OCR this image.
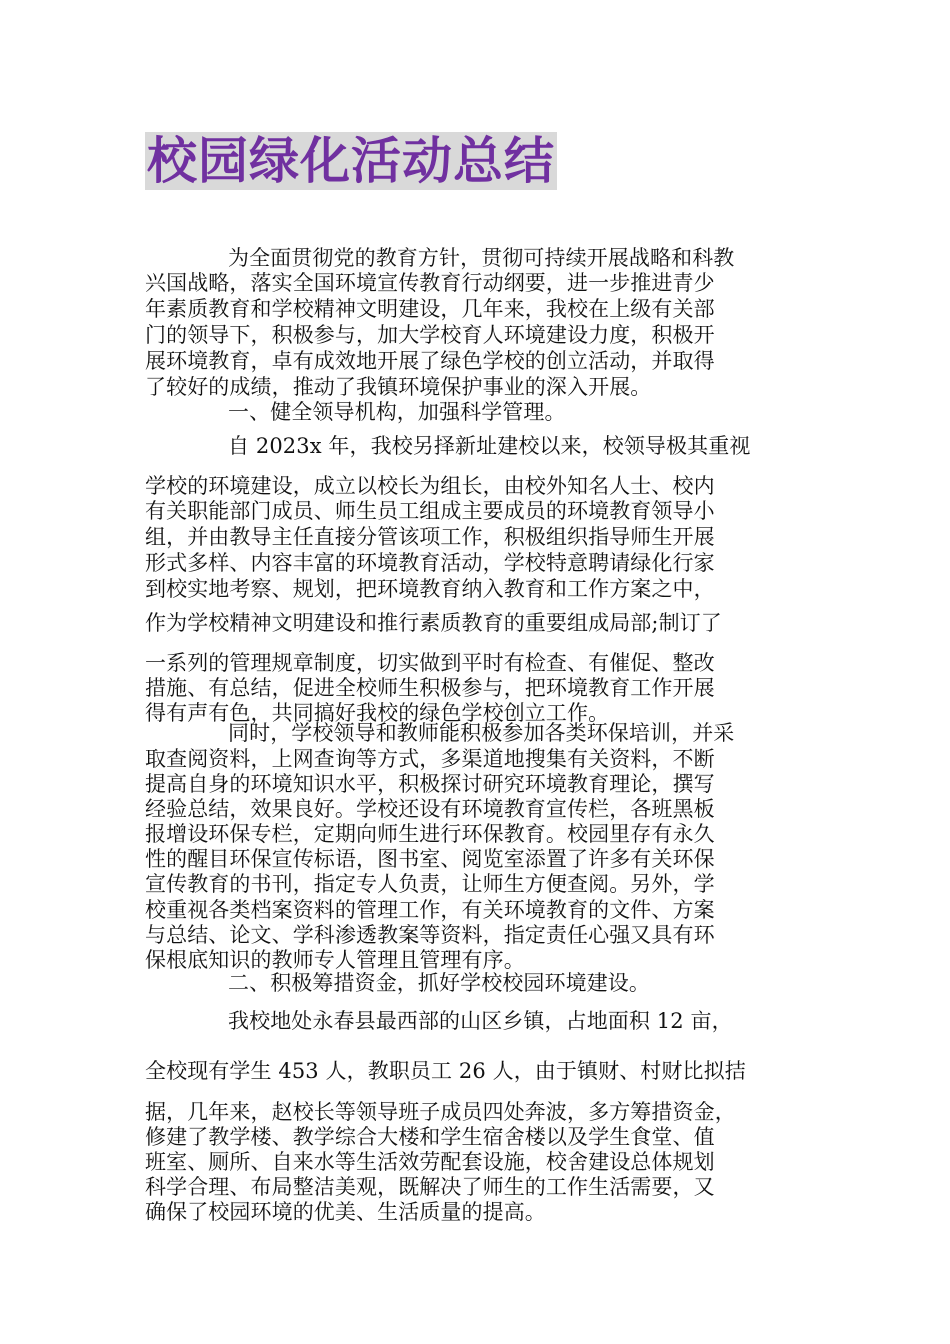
校园绿化活动总结
为全面贯彻党的教育方针，贯彻可持续开展战略和科教
兴国战略，落实全国环境宣传教育行动纲要，进一步推进青少
年素质教育和学校精神文明建设，几年来，我校在上级有关部
门的领导下，积极参与，加大学校育人环境建设力度，积极开
展环境教育，卓有成效地开展了绿色学校的创立活动，并取得
了较好的成绩，推动了我镇环境保护事业的深入开展。
一、健全领导机构，加强科学管理。
自 2023x 年，我校另择新址建校以来，校领导极其重视
学校的环境建设，成立以校长为组长，由校外知名人士、校内
有关职能部门成员、师生员工组成主要成员的环境教育领导小
组，并由教导主任直接分管该项工作，积极组织指导师生开展
形式多样、内容丰富的环境教育活动，学校特意聘请绿化行家
到校实地考察、规划，把环境教育纳入教育和工作方案之中，
作为学校精神文明建设和推行素质教育的重要组成局部;制订了
一系列的管理规章制度，切实做到平时有检查、有催促、整改
措施、有总结，促进全校师生积极参与，把环境教育工作开展
得有声有色，共同搞好我校的绿色学校创立工作。
同时，学校领导和教师能积极参加各类环保培训，并采
取查阅资料，上网查询等方式，多渠道地搜集有关资料，不断
提高自身的环境知识水平，积极探讨研究环境教育理论，撰写
经验总结，效果良好。学校还设有环境教育宣传栏，各班黑板
报增设环保专栏，定期向师生进行环保教育。校园里存有永久
性的醒目环保宣传标语，图书室、阅览室添置了许多有关环保
宣传教育的书刊，指定专人负责，让师生方便查阅。另外，学
校重视各类档案资料的管理工作，有关环境教育的文件、方案
与总结、论文、学科渗透教案等资料，指定责任心强又具有环
保根底知识的教师专人管理且管理有序。
二、积极筹措资金，抓好学校校园环境建设。
我校地处永春县最西部的山区乡镇，占地面积 12 亩，
全校现有学生 453 人，教职员工 26 人，由于镇财、村财比拟拮
据，几年来，赵校长等领导班子成员四处奔波，多方筹措资金，
修建了教学楼、教学综合大楼和学生宿舍楼以及学生食堂、值
班室、厕所、自来水等生活效劳配套设施，校舍建设总体规划
科学合理、布局整洁美观，既解决了师生的工作生活需要，又
确保了校园环境的优美、生活质量的提高。
